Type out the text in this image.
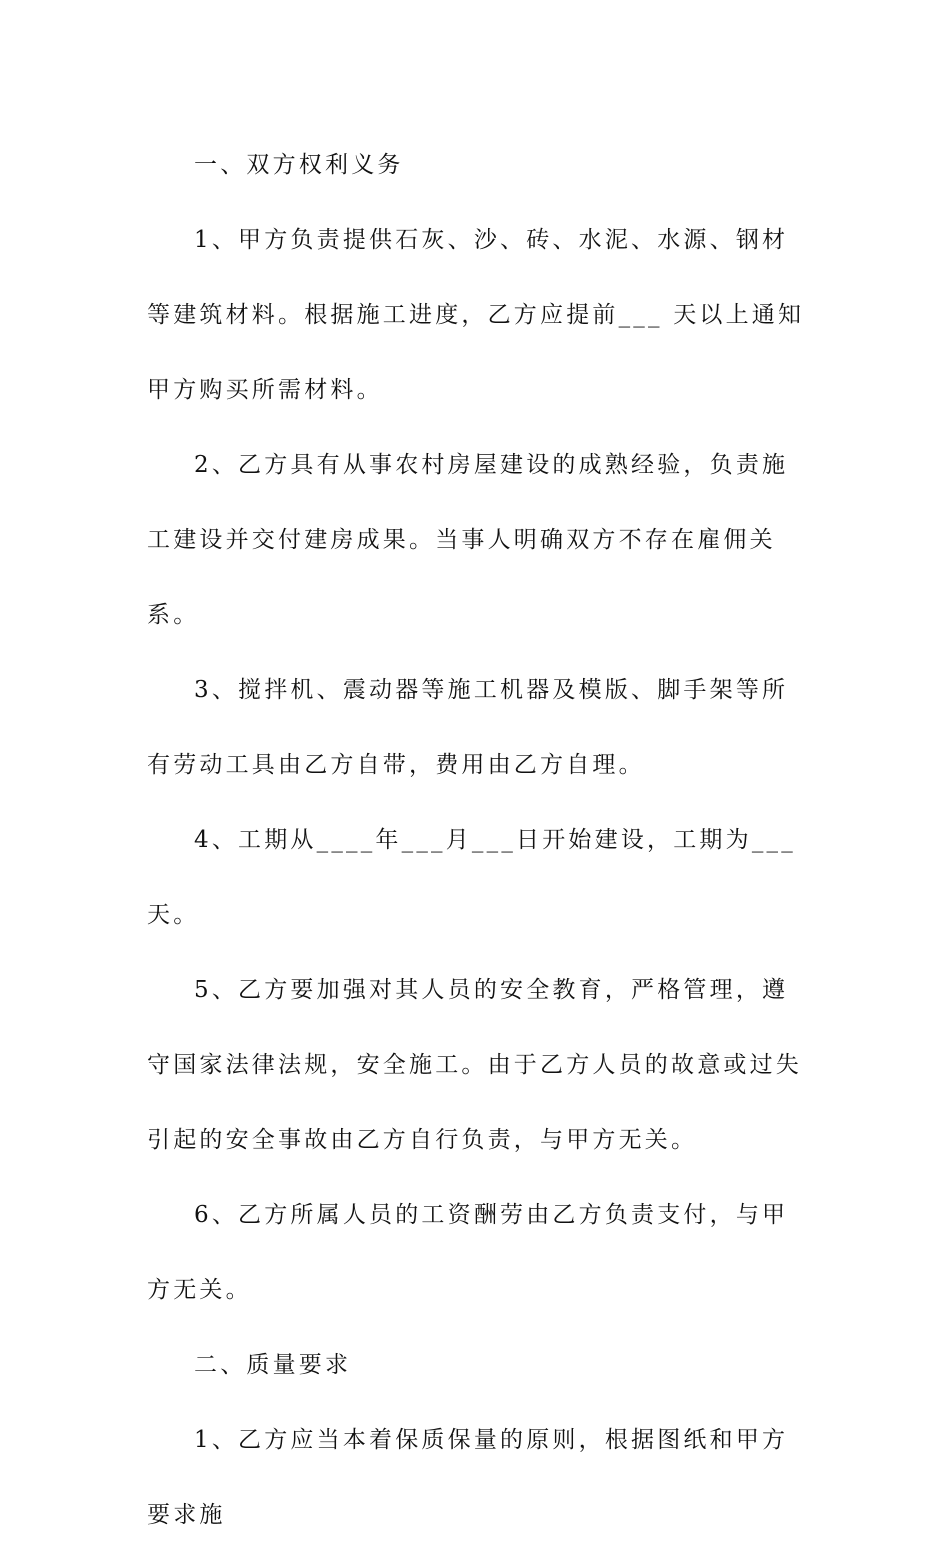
一、双方权利义务

1、甲方负责提供石灰、沙、砖、水泥、水源、钢材等建筑材料。根据施工进度，乙方应提前___ 天以上通知甲方购买所需材料。

2、乙方具有从事农村房屋建设的成熟经验，负责施工建设并交付建房成果。当事人明确双方不存在雇佣关系。

3、搅拌机、震动器等施工机器及模版、脚手架等所有劳动工具由乙方自带，费用由乙方自理。

4、工期从____年___月___日开始建设，工期为___天。

5、乙方要加强对其人员的安全教育，严格管理，遵守国家法律法规，安全施工。由于乙方人员的故意或过失引起的安全事故由乙方自行负责，与甲方无关。

6、乙方所属人员的工资酬劳由乙方负责支付，与甲方无关。

二、质量要求

1、乙方应当本着保质保量的原则，根据图纸和甲方要求施
